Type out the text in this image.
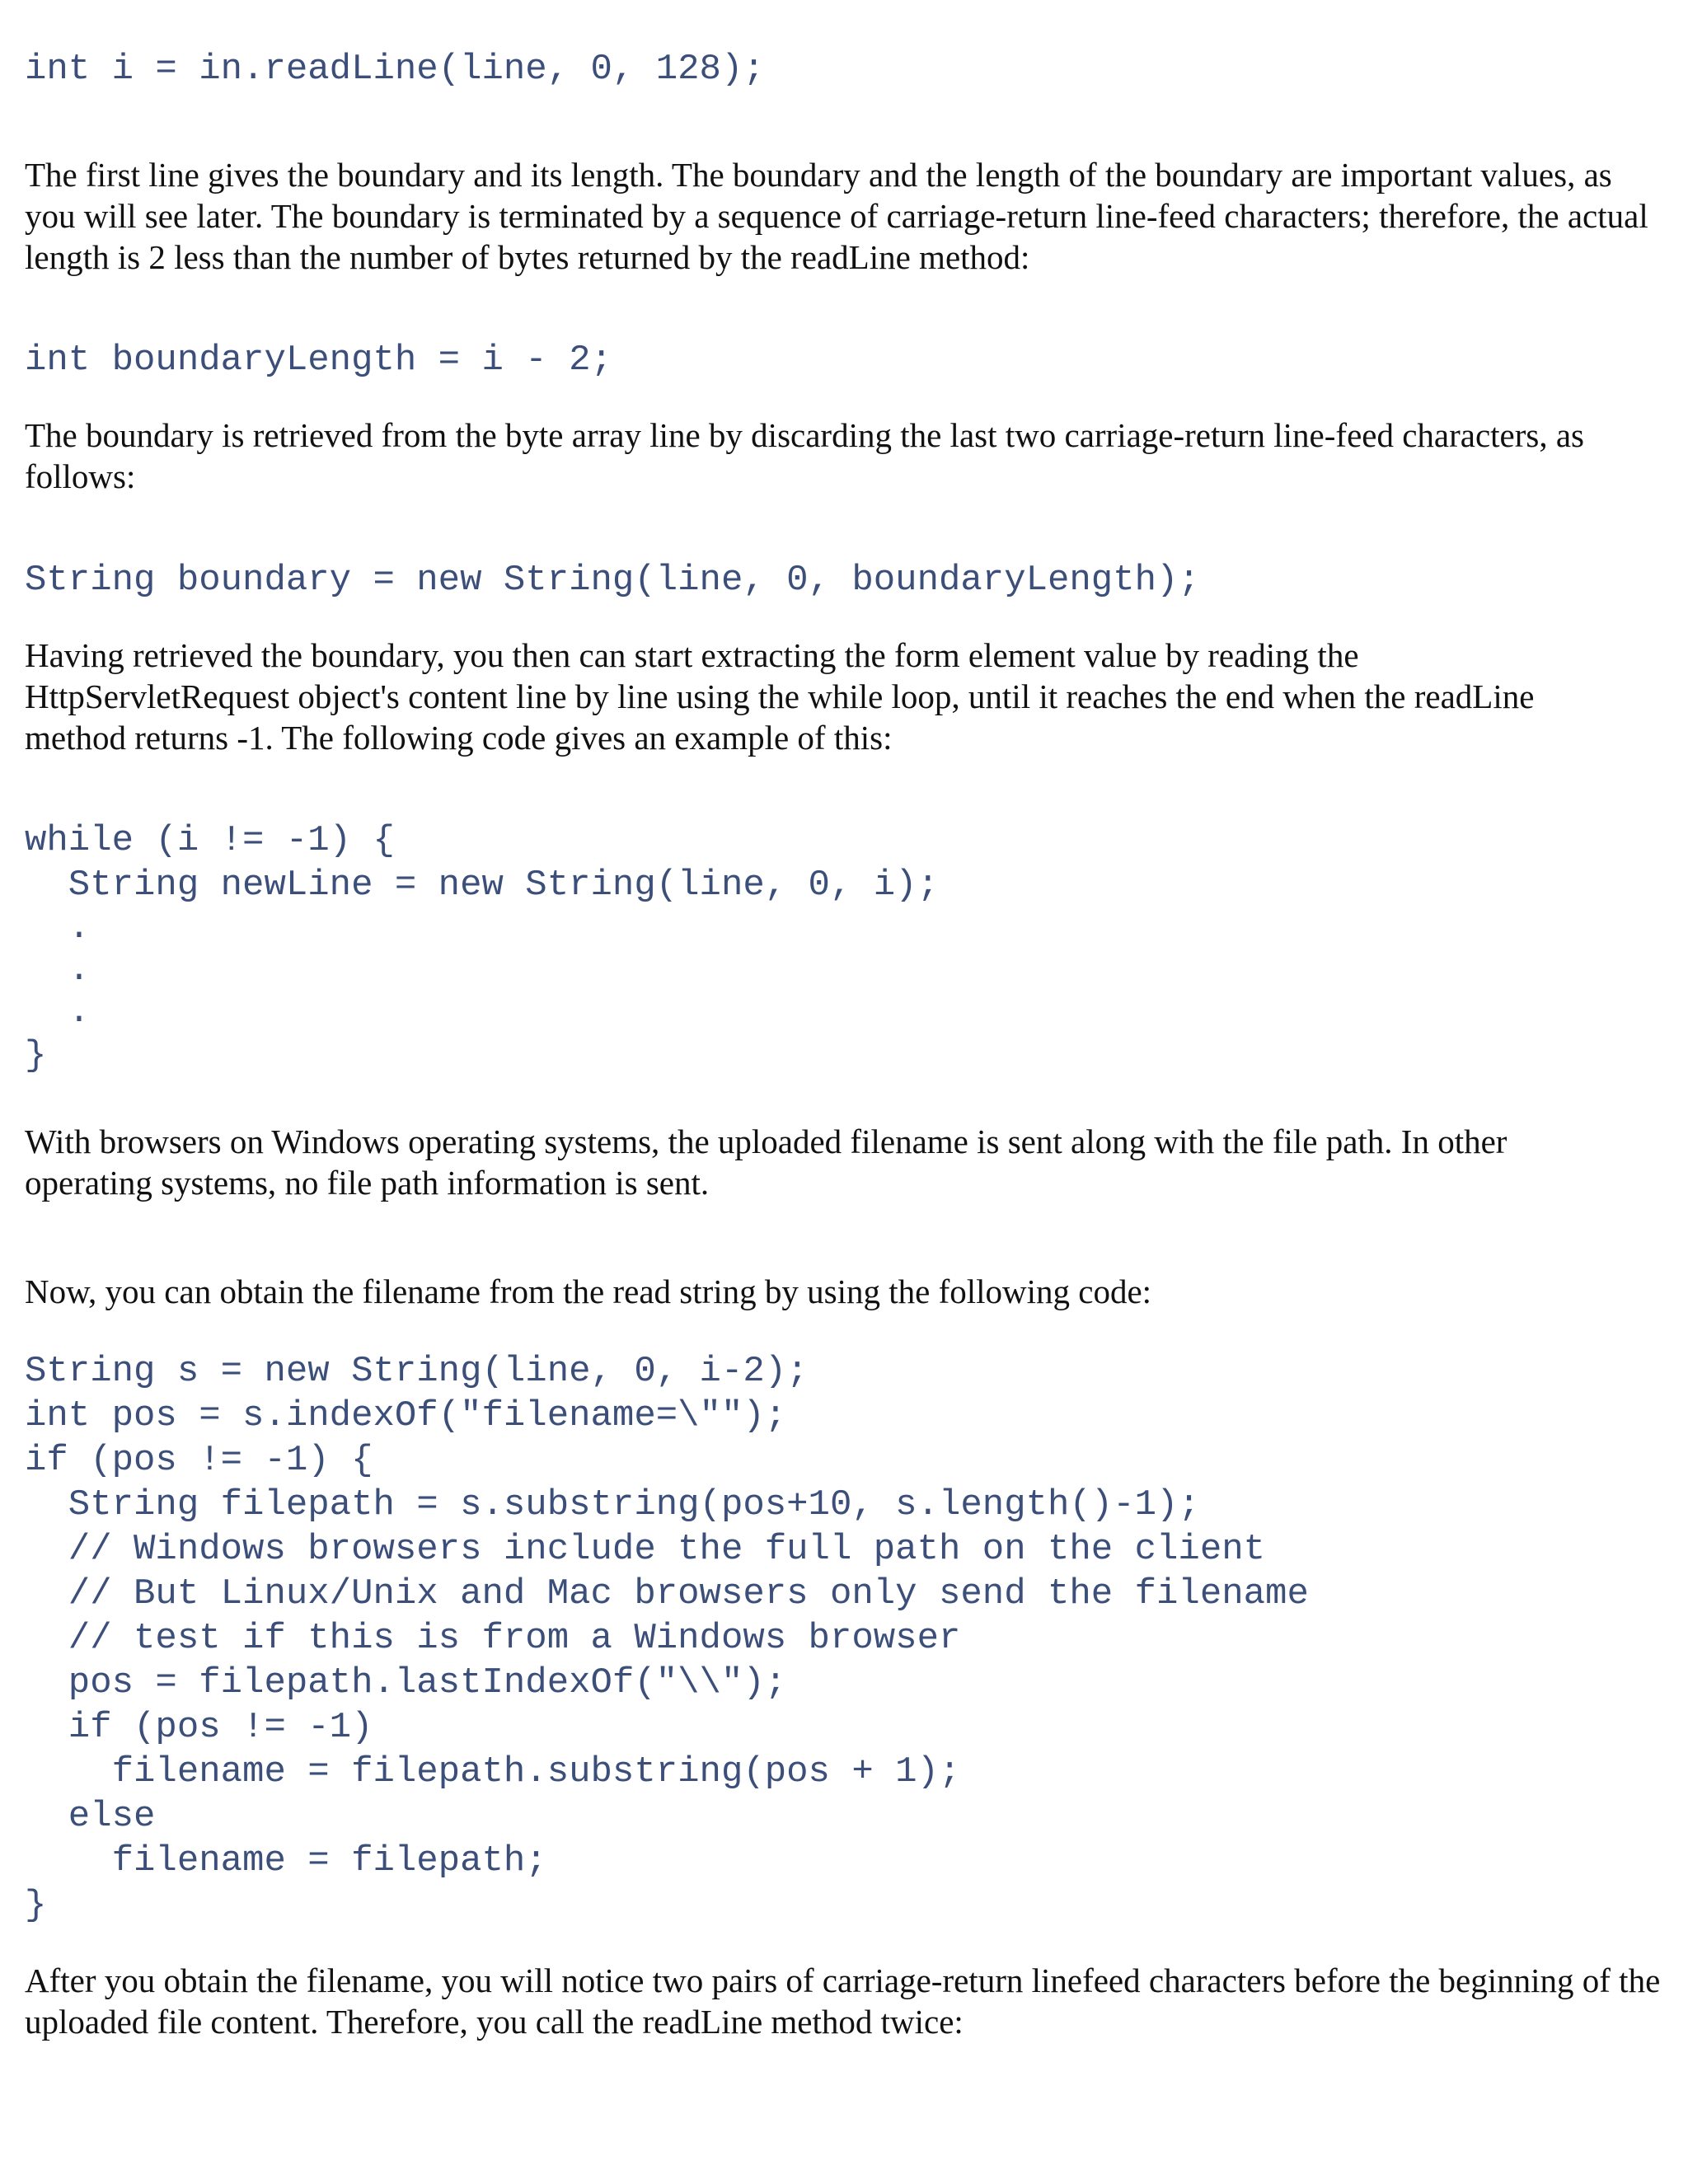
int i = in.readLine(line, 0, 128);

The first line gives the boundary and its length. The boundary and the length of the boundary are important values, as you will see later. The boundary is terminated by a sequence of carriage-return line-feed characters; therefore, the actual length is 2 less than the number of bytes returned by the readLine method:

int boundaryLength = i - 2;

The boundary is retrieved from the byte array line by discarding the last two carriage-return line-feed characters, as follows:

String boundary = new String(line, 0, boundaryLength);

Having retrieved the boundary, you then can start extracting the form element value by reading the HttpServletRequest object's content line by line using the while loop, until it reaches the end when the readLine method returns -1. The following code gives an example of this:

while (i != -1) {
String newLine = new String(line, 0, i);
.
.
.
}

With browsers on Windows operating systems, the uploaded filename is sent along with the file path. In other operating systems, no file path information is sent.

Now, you can obtain the filename from the read string by using the following code:

String s = new String(line, 0, i-2);
int pos = s.indexOf("filename=\"");
if (pos != -1) {
String filepath = s.substring(pos+10, s.length()-1);
// Windows browsers include the full path on the client
// But Linux/Unix and Mac browsers only send the filename
// test if this is from a Windows browser
pos = filepath.lastIndexOf("\\");
if (pos != -1)
filename = filepath.substring(pos + 1);
else
filename = filepath;
}

After you obtain the filename, you will notice two pairs of carriage-return linefeed characters before the beginning of the uploaded file content. Therefore, you call the readLine method twice:
